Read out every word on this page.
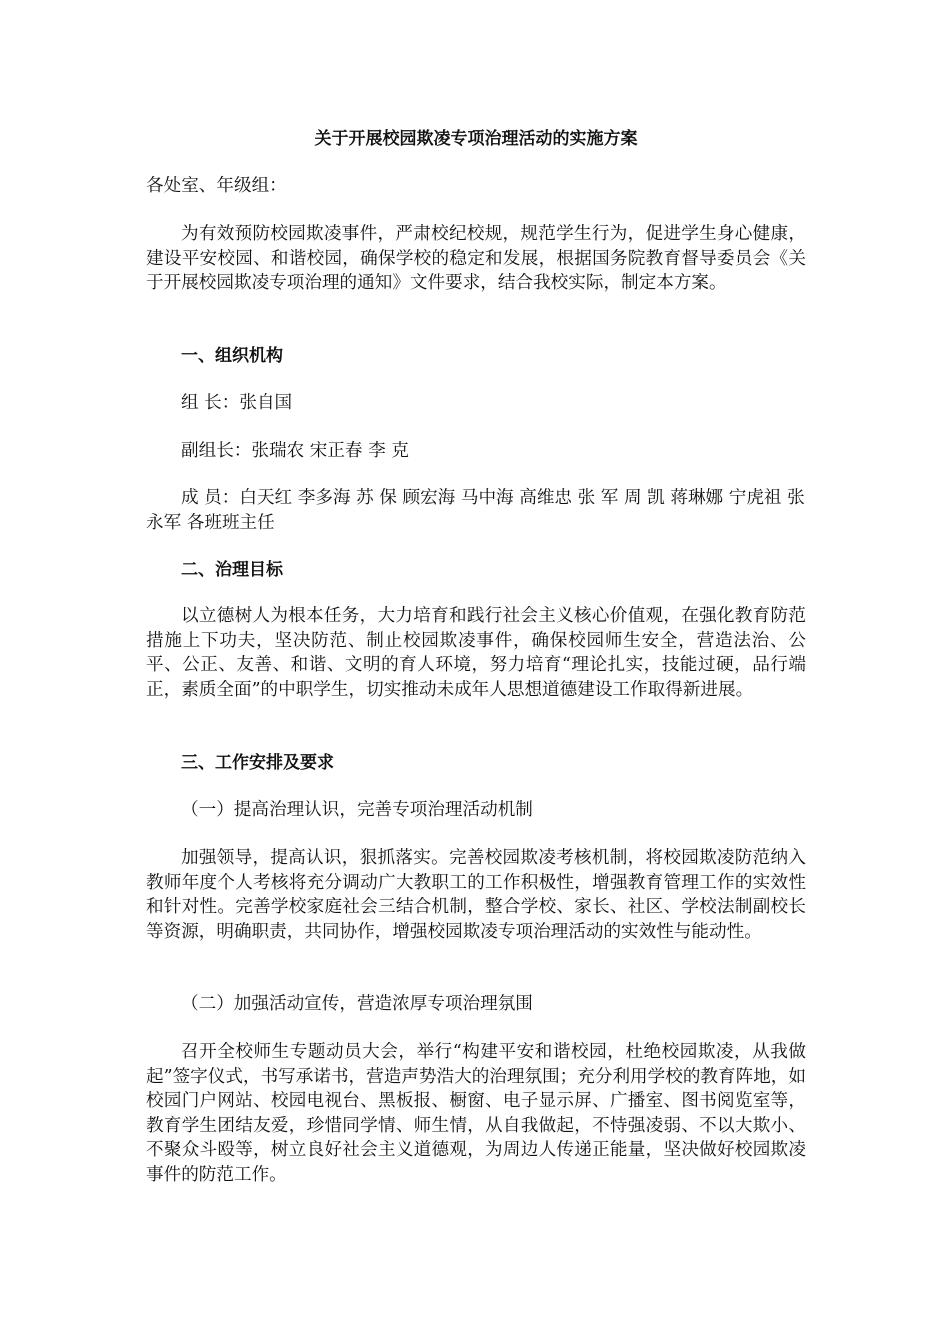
关于开展校园欺凌专项治理活动的实施方案
各处室、年级组：
为有效预防校园欺凌事件，严肃校纪校规，规范学生行为，促进学生身心健康，建设平安校园、和谐校园，确保学校的稳定和发展，根据国务院教育督导委员会《关于开展校园欺凌专项治理的通知》文件要求，结合我校实际，制定本方案。
一、组织机构
组 长：张自国
副组长：张瑞农 宋正春 李 克
成 员：白天红 李多海 苏 保 顾宏海 马中海 高维忠 张 军 周 凯 蒋琳娜 宁虎祖 张永军 各班班主任
二、治理目标
以立德树人为根本任务，大力培育和践行社会主义核心价值观，在强化教育防范措施上下功夫，坚决防范、制止校园欺凌事件，确保校园师生安全，营造法治、公平、公正、友善、和谐、文明的育人环境，努力培育“理论扎实，技能过硬，品行端正，素质全面”的中职学生，切实推动未成年人思想道德建设工作取得新进展。
三、工作安排及要求
（一）提高治理认识，完善专项治理活动机制
加强领导，提高认识，狠抓落实。完善校园欺凌考核机制，将校园欺凌防范纳入教师年度个人考核将充分调动广大教职工的工作积极性，增强教育管理工作的实效性和针对性。完善学校家庭社会三结合机制，整合学校、家长、社区、学校法制副校长等资源，明确职责，共同协作，增强校园欺凌专项治理活动的实效性与能动性。
（二）加强活动宣传，营造浓厚专项治理氛围
召开全校师生专题动员大会，举行“构建平安和谐校园，杜绝校园欺凌，从我做起”签字仪式，书写承诺书，营造声势浩大的治理氛围；充分利用学校的教育阵地，如校园门户网站、校园电视台、黑板报、橱窗、电子显示屏、广播室、图书阅览室等，教育学生团结友爱，珍惜同学情、师生情，从自我做起，不恃强凌弱、不以大欺小、不聚众斗殴等，树立良好社会主义道德观，为周边人传递正能量，坚决做好校园欺凌事件的防范工作。
